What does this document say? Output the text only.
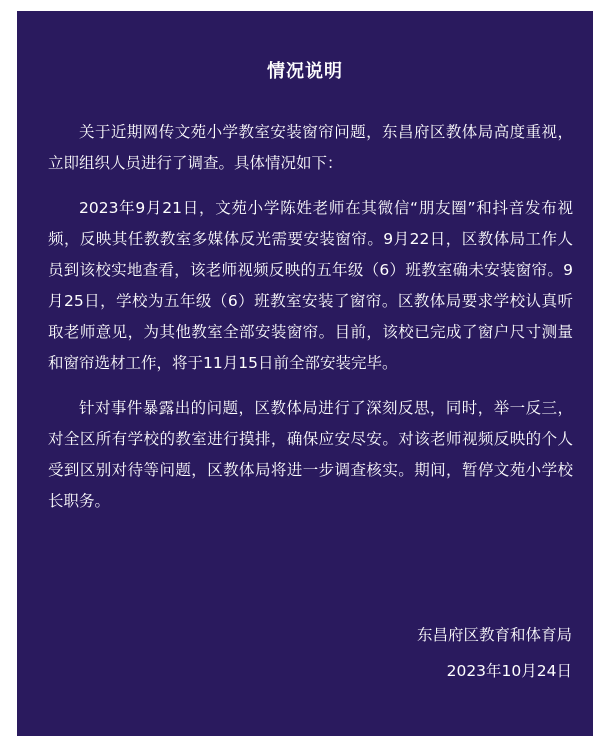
情况说明

关于近期网传文苑小学教室安装窗帘问题，东昌府区教体局高度重视，立即组织人员进行了调查。具体情况如下：

2023年9月21日，文苑小学陈姓老师在其微信“朋友圈”和抖音发布视频，反映其任教教室多媒体反光需要安装窗帘。9月22日，区教体局工作人员到该校实地查看，该老师视频反映的五年级（6）班教室确未安装窗帘。9月25日，学校为五年级（6）班教室安装了窗帘。区教体局要求学校认真听取老师意见，为其他教室全部安装窗帘。目前，该校已完成了窗户尺寸测量和窗帘选材工作，将于11月15日前全部安装完毕。

针对事件暴露出的问题，区教体局进行了深刻反思，同时，举一反三，对全区所有学校的教室进行摸排，确保应安尽安。对该老师视频反映的个人受到区别对待等问题，区教体局将进一步调查核实。期间，暂停文苑小学校长职务。

东昌府区教育和体育局
2023年10月24日
